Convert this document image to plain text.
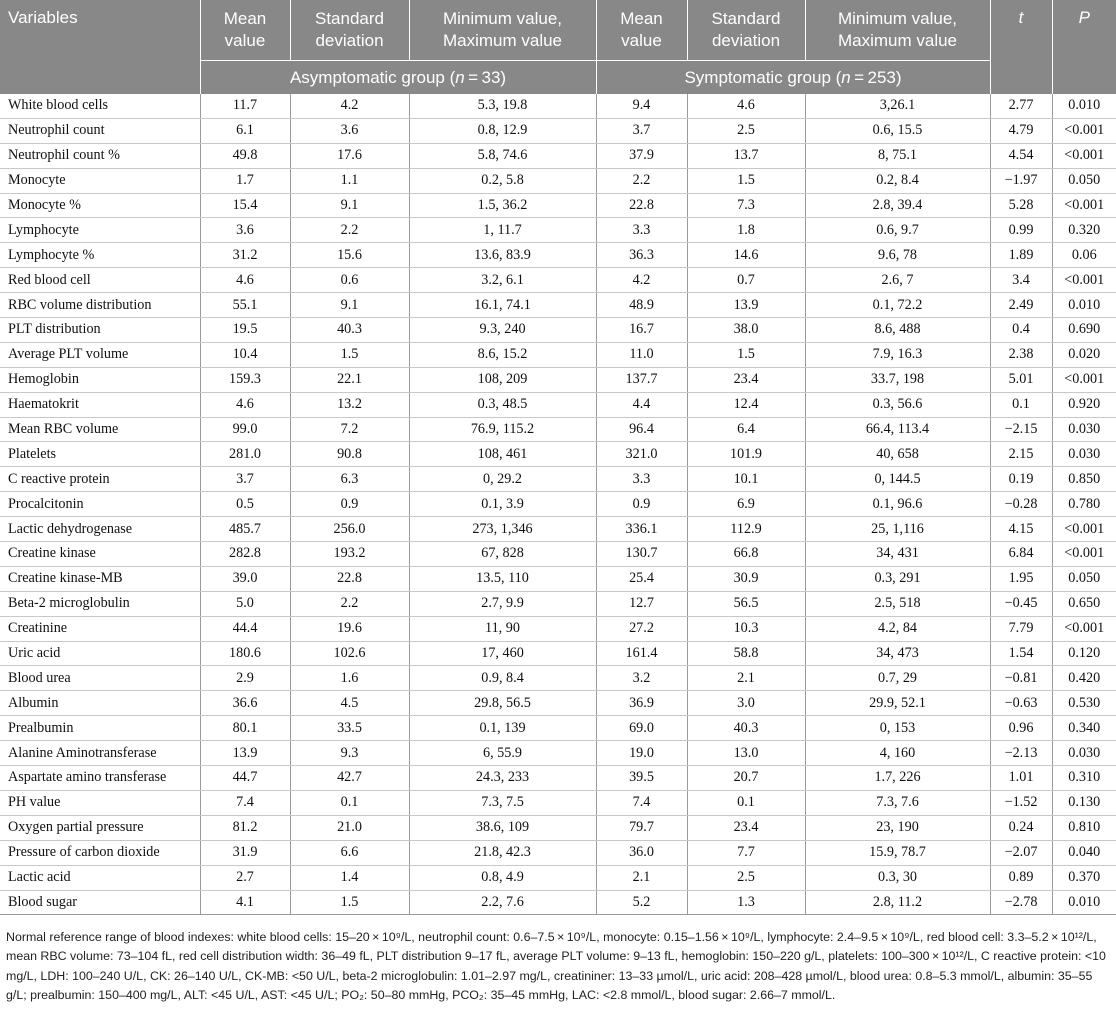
Variables	Mean value	Standard deviation	Minimum value, Maximum value	Mean value	Standard deviation	Minimum value, Maximum value	t	P
	Asymptomatic group (n = 33)			Symptomatic group (n = 253)				
White blood cells	11.7	4.2	5.3, 19.8	9.4	4.6	3,26.1	2.77	0.010
Neutrophil count	6.1	3.6	0.8, 12.9	3.7	2.5	0.6, 15.5	4.79	<0.001
Neutrophil count %	49.8	17.6	5.8, 74.6	37.9	13.7	8, 75.1	4.54	<0.001
Monocyte	1.7	1.1	0.2, 5.8	2.2	1.5	0.2, 8.4	−1.97	0.050
Monocyte %	15.4	9.1	1.5, 36.2	22.8	7.3	2.8, 39.4	5.28	<0.001
Lymphocyte	3.6	2.2	1, 11.7	3.3	1.8	0.6, 9.7	0.99	0.320
Lymphocyte %	31.2	15.6	13.6, 83.9	36.3	14.6	9.6, 78	1.89	0.06
Red blood cell	4.6	0.6	3.2, 6.1	4.2	0.7	2.6, 7	3.4	<0.001
RBC volume distribution	55.1	9.1	16.1, 74.1	48.9	13.9	0.1, 72.2	2.49	0.010
PLT distribution	19.5	40.3	9.3, 240	16.7	38.0	8.6, 488	0.4	0.690
Average PLT volume	10.4	1.5	8.6, 15.2	11.0	1.5	7.9, 16.3	2.38	0.020
Hemoglobin	159.3	22.1	108, 209	137.7	23.4	33.7, 198	5.01	<0.001
Haematokrit	4.6	13.2	0.3, 48.5	4.4	12.4	0.3, 56.6	0.1	0.920
Mean RBC volume	99.0	7.2	76.9, 115.2	96.4	6.4	66.4, 113.4	−2.15	0.030
Platelets	281.0	90.8	108, 461	321.0	101.9	40, 658	2.15	0.030
C reactive protein	3.7	6.3	0, 29.2	3.3	10.1	0, 144.5	0.19	0.850
Procalcitonin	0.5	0.9	0.1, 3.9	0.9	6.9	0.1, 96.6	−0.28	0.780
Lactic dehydrogenase	485.7	256.0	273, 1,346	336.1	112.9	25, 1,116	4.15	<0.001
Creatine kinase	282.8	193.2	67, 828	130.7	66.8	34, 431	6.84	<0.001
Creatine kinase-MB	39.0	22.8	13.5, 110	25.4	30.9	0.3, 291	1.95	0.050
Beta-2 microglobulin	5.0	2.2	2.7, 9.9	12.7	56.5	2.5, 518	−0.45	0.650
Creatinine	44.4	19.6	11, 90	27.2	10.3	4.2, 84	7.79	<0.001
Uric acid	180.6	102.6	17, 460	161.4	58.8	34, 473	1.54	0.120
Blood urea	2.9	1.6	0.9, 8.4	3.2	2.1	0.7, 29	−0.81	0.420
Albumin	36.6	4.5	29.8, 56.5	36.9	3.0	29.9, 52.1	−0.63	0.530
Prealbumin	80.1	33.5	0.1, 139	69.0	40.3	0, 153	0.96	0.340
Alanine Aminotransferase	13.9	9.3	6, 55.9	19.0	13.0	4, 160	−2.13	0.030
Aspartate amino transferase	44.7	42.7	24.3, 233	39.5	20.7	1.7, 226	1.01	0.310
PH value	7.4	0.1	7.3, 7.5	7.4	0.1	7.3, 7.6	−1.52	0.130
Oxygen partial pressure	81.2	21.0	38.6, 109	79.7	23.4	23, 190	0.24	0.810
Pressure of carbon dioxide	31.9	6.6	21.8, 42.3	36.0	7.7	15.9, 78.7	−2.07	0.040
Lactic acid	2.7	1.4	0.8, 4.9	2.1	2.5	0.3, 30	0.89	0.370
Blood sugar	4.1	1.5	2.2, 7.6	5.2	1.3	2.8, 11.2	−2.78	0.010
Normal reference range of blood indexes: white blood cells: 15–20 × 10⁹/L, neutrophil count: 0.6–7.5 × 10⁹/L, monocyte: 0.15–1.56 × 10⁹/L, lymphocyte: 2.4–9.5 × 10⁹/L, red blood cell: 3.3–5.2 × 10¹²/L, mean RBC volume: 73–104 fL, red cell distribution width: 36–49 fL, PLT distribution 9–17 fL, average PLT volume: 9–13 fL, hemoglobin: 150–220 g/L, platelets: 100–300 × 10¹²/L, C reactive protein: <10 mg/L, LDH: 100–240 U/L, CK: 26–140 U/L, CK-MB: <50 U/L, beta-2 microglobulin: 1.01–2.97 mg/L, creatininer: 13–33 µmol/L, uric acid: 208–428 µmol/L, blood urea: 0.8–5.3 mmol/L, albumin: 35–55 g/L; prealbumin: 150–400 mg/L, ALT: <45 U/L, AST: <45 U/L; PO₂: 50–80 mmHg, PCO₂: 35–45 mmHg, LAC: <2.8 mmol/L, blood sugar: 2.66–7 mmol/L.
